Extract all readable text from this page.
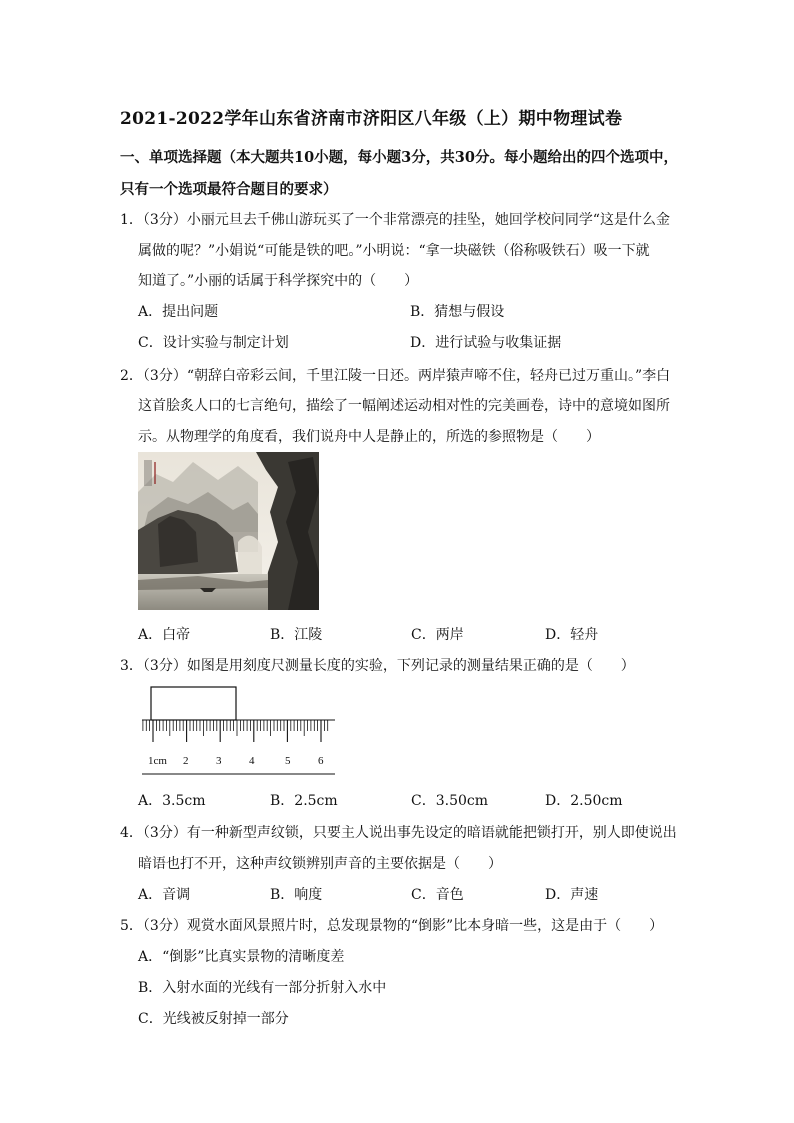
2021-2022学年山东省济南市济阳区八年级（上）期中物理试卷
一、单项选择题（本大题共10小题，每小题3分，共30分。每小题给出的四个选项中，
只有一个选项最符合题目的要求）
1．（3分）小丽元旦去千佛山游玩买了一个非常漂亮的挂坠，她回学校问同学“这是什么金
属做的呢？”小娟说“可能是铁的吧。”小明说：“拿一块磁铁（俗称吸铁石）吸一下就
知道了。”小丽的话属于科学探究中的（　　）
A．提出问题	B．猜想与假设
C．设计实验与制定计划	D．进行试验与收集证据
2．（3分）“朝辞白帝彩云间，千里江陵一日还。两岸猿声啼不住，轻舟已过万重山。”李白
这首脍炙人口的七言绝句，描绘了一幅阐述运动相对性的完美画卷，诗中的意境如图所
示。从物理学的角度看，我们说舟中人是静止的，所选的参照物是（　　）
A．白帝	B．江陵	C．两岸	D．轻舟
3．（3分）如图是用刻度尺测量长度的实验，下列记录的测量结果正确的是（　　）
1cm 2	3	4	5	6
A．3.5cm	B．2.5cm	C．3.50cm	D．2.50cm
4．（3分）有一种新型声纹锁，只要主人说出事先设定的暗语就能把锁打开，别人即使说出
暗语也打不开，这种声纹锁辨别声音的主要依据是（　　）
A．音调	B．响度	C．音色	D．声速
5．（3分）观赏水面风景照片时，总发现景物的“倒影”比本身暗一些，这是由于（　　）
A．“倒影”比真实景物的清晰度差
B．入射水面的光线有一部分折射入水中
C．光线被反射掉一部分
